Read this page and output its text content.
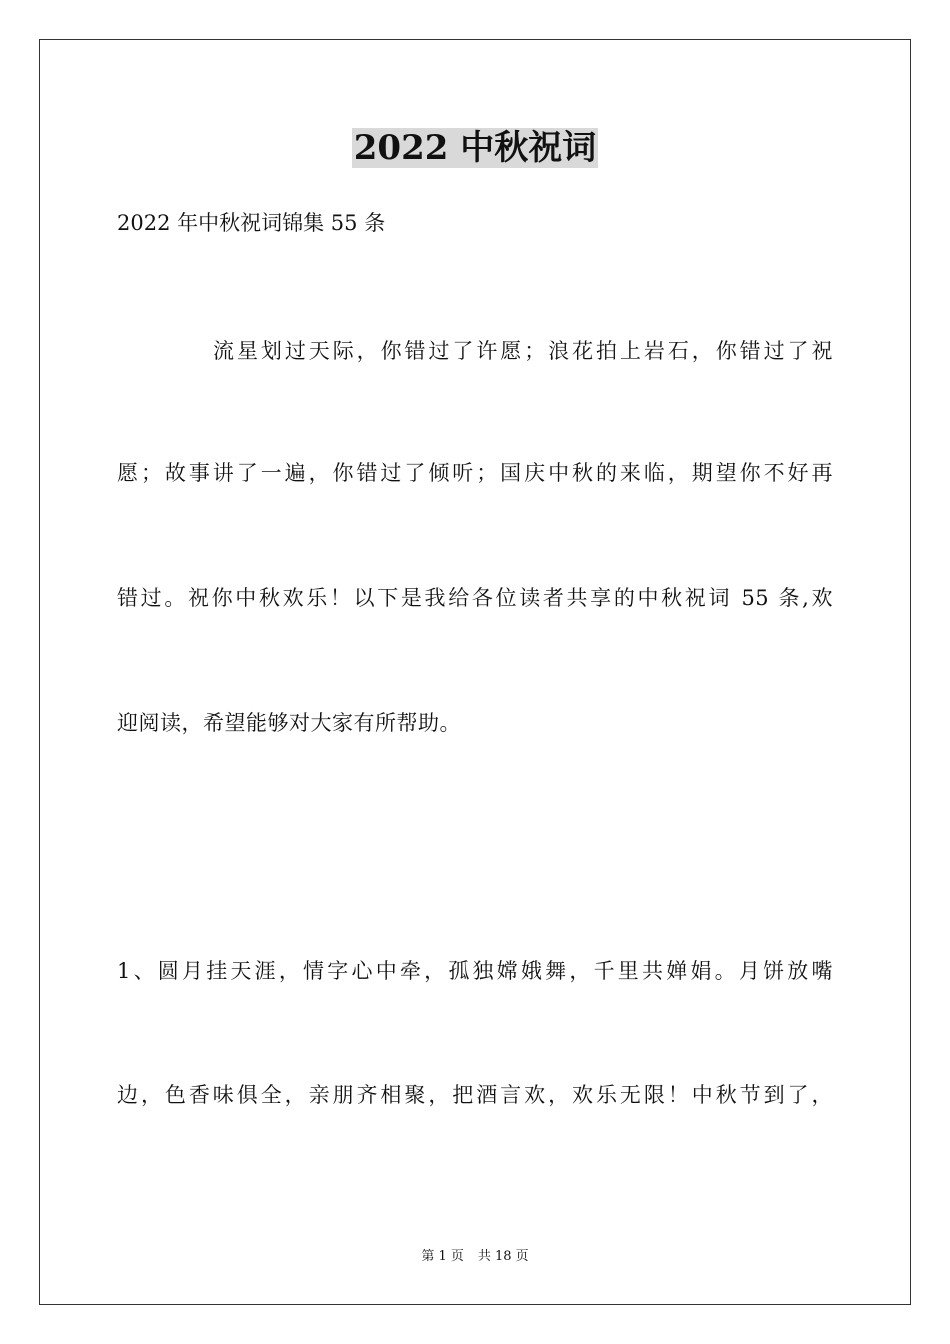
2022 中秋祝词
2022 年中秋祝词锦集 55 条
流星划过天际，你错过了许愿；浪花拍上岩石，你错过了祝
愿；故事讲了一遍，你错过了倾听；国庆中秋的来临，期望你不好再
错过。祝你中秋欢乐！以下是我给各位读者共享的中秋祝词 55 条,欢
迎阅读，希望能够对大家有所帮助。
1、圆月挂天涯，情字心中牵，孤独嫦娥舞，千里共婵娟。月饼放嘴
边，色香味俱全，亲朋齐相聚，把酒言欢，欢乐无限！中秋节到了，
第 1 页 共 18 页
